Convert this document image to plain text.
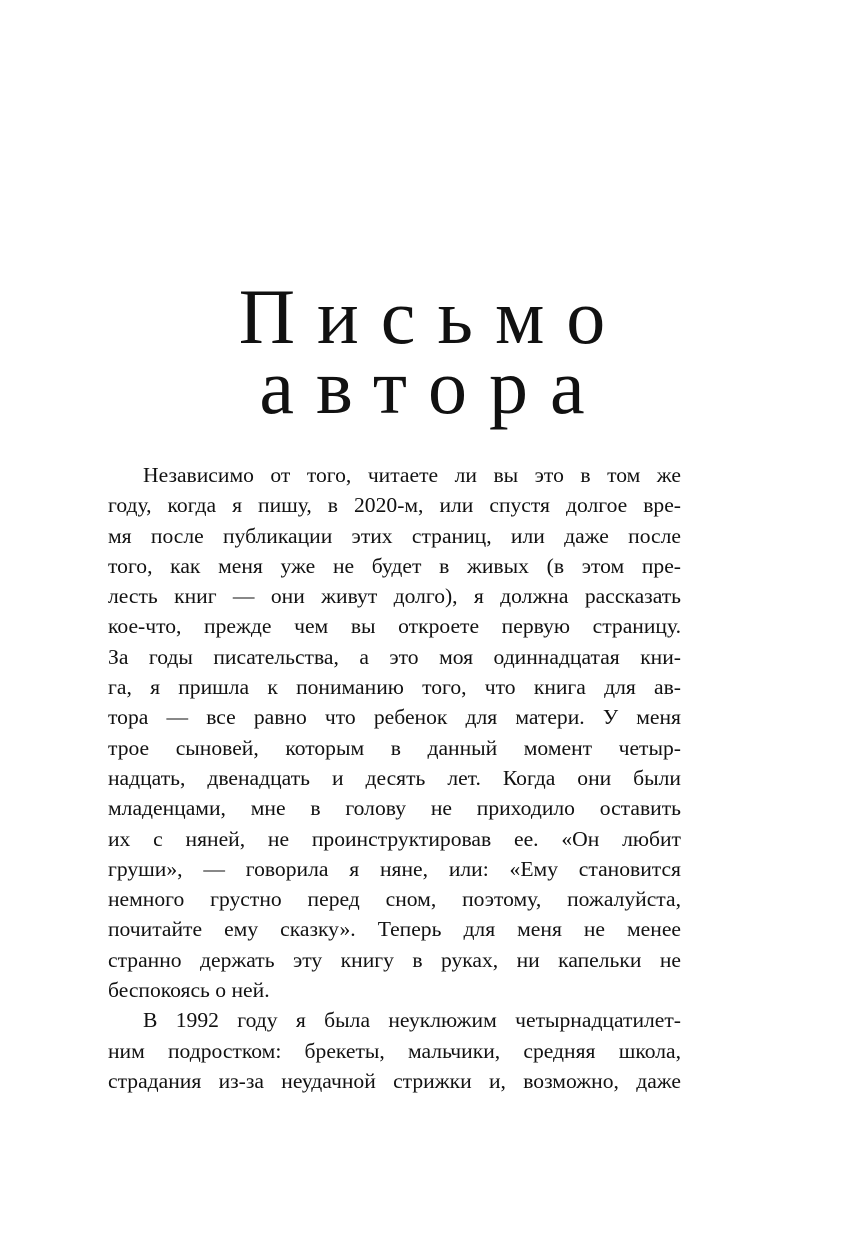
Письмо
автора
Независимо от того, читаете ли вы это в том же
году, когда я пишу, в 2020-м, или спустя долгое вре-
мя после публикации этих страниц, или даже после
того, как меня уже не будет в живых (в этом пре-
лесть книг — они живут долго), я должна рассказать
кое-что, прежде чем вы откроете первую страницу.
За годы писательства, а это моя одиннадцатая кни-
га, я пришла к пониманию того, что книга для ав-
тора — все равно что ребенок для матери. У меня
трое сыновей, которым в данный момент четыр-
надцать, двенадцать и десять лет. Когда они были
младенцами, мне в голову не приходило оставить
их с няней, не проинструктировав ее. «Он любит
груши», — говорила я няне, или: «Ему становится
немного грустно перед сном, поэтому, пожалуйста,
почитайте ему сказку». Теперь для меня не менее
странно держать эту книгу в руках, ни капельки не
беспокоясь о ней.
В 1992 году я была неуклюжим четырнадцатилет-
ним подростком: брекеты, мальчики, средняя школа,
страдания из-за неудачной стрижки и, возможно, даже
